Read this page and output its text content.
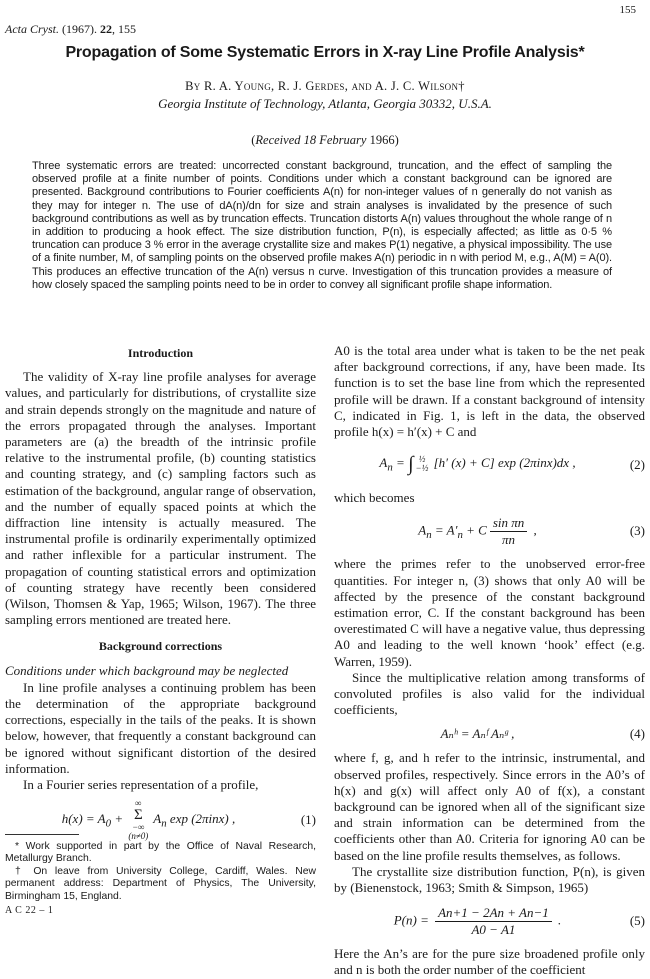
155
Acta Cryst. (1967). 22, 155
Propagation of Some Systematic Errors in X-ray Line Profile Analysis*
By R. A. Young, R. J. Gerdes, and A. J. C. Wilson†
Georgia Institute of Technology, Atlanta, Georgia 30332, U.S.A.
(Received 18 February 1966)
Three systematic errors are treated: uncorrected constant background, truncation, and the effect of sampling the observed profile at a finite number of points. Conditions under which a constant background can be ignored are presented. Background contributions to Fourier coefficients A(n) for non-integer values of n generally do not vanish as they may for integer n. The use of dA(n)/dn for size and strain analyses is invalidated by the presence of such background contributions as well as by truncation effects. Truncation distorts A(n) values throughout the whole range of n in addition to producing a hook effect. The size distribution function, P(n), is especially affected; as little as 0·5 % truncation can produce 3 % error in the average crystallite size and makes P(1) negative, a physical impossibility. The use of a finite number, M, of sampling points on the observed profile makes A(n) periodic in n with period M, e.g., A(M) = A(0). This produces an effective truncation of the A(n) versus n curve. Investigation of this truncation provides a measure of how closely spaced the sampling points need to be in order to convey all significant profile shape information.
Introduction

The validity of X-ray line profile analyses for average values, and particularly for distributions, of crystallite size and strain depends strongly on the magnitude and nature of the errors propagated through the analyses. Important parameters are (a) the breadth of the intrinsic profile relative to the instrumental profile, (b) counting statistics and counting strategy, and (c) sampling factors such as estimation of the background, angular range of observation, and the number of equally spaced points at which the diffraction line intensity is actually measured. The instrumental profile is ordinarily experimentally optimized and rather inflexible for a particular instrument. The propagation of counting statistical errors and optimization of counting strategy have recently been considered (Wilson, Thomsen & Yap, 1965; Wilson, 1967). The three sampling errors mentioned are treated here.

Background corrections
Conditions under which background may be neglected

In line profile analyses a continuing problem has been the determination of the appropriate background corrections, especially in the tails of the peaks. It is shown below, however, that frequently a constant background can be ignored without significant distortion of the desired information.

In a Fourier series representation of a profile,

$h(x) = A_0$ +
∞
Σ
−∞
(n≠0)
$A_n$ exp (2πinx) ,	(1)

* Work supported in part by the Office of Naval Research, Metallurgy Branch.

† On leave from University College, Cardiff, Wales. New permanent address: Department of Physics, The University, Birmingham 15, England.

A C 22 – 1

A0 is the total area under what is taken to be the net peak after background corrections, if any, have been made. Its function is to set the base line from which the represented profile will be drawn. If a constant background of intensity C, indicated in Fig. 1, is left in the data, the observed profile h(x) = h′(x) + C and

$A_n$ = ∫ ½
−½ [h′ (x) + C] exp (2πinx)dx ,	(2)

which becomes

$A_n = A'_n + C \frac{\text{sin πn}}{\pi n}$ ,	(3)

where the primes refer to the unobserved error-free quantities. For integer n, (3) shows that only A0 will be affected by the presence of the constant background estimation error, C. If the constant background has been overestimated C will have a negative value, thus depressing A0 and leading to the well known ‘hook’ effect (e.g. Warren, 1959).

Since the multiplicative relation among transforms of convoluted profiles is also valid for the individual coefficients,

Aₙʰ = Aₙᶠ Aₙᵍ ,	(4)

where f, g, and h refer to the intrinsic, instrumental, and observed profiles, respectively. Since errors in the A0’s of h(x) and g(x) will affect only A0 of f(x), a constant background can be ignored when all of the significant size and strain information can be determined from the coefficients other than A0. Criteria for ignoring A0 can be based on the line profile results themselves, as follows.

The crystallite size distribution function, P(n), is given by (Bienenstock, 1963; Smith & Simpson, 1965)

$P(n) = \frac{An+1 - 2An + An-1}{A0 - A1}$ .	(5)

Here the An’s are for the pure size broadened profile only and n is both the order number of the coefficient
